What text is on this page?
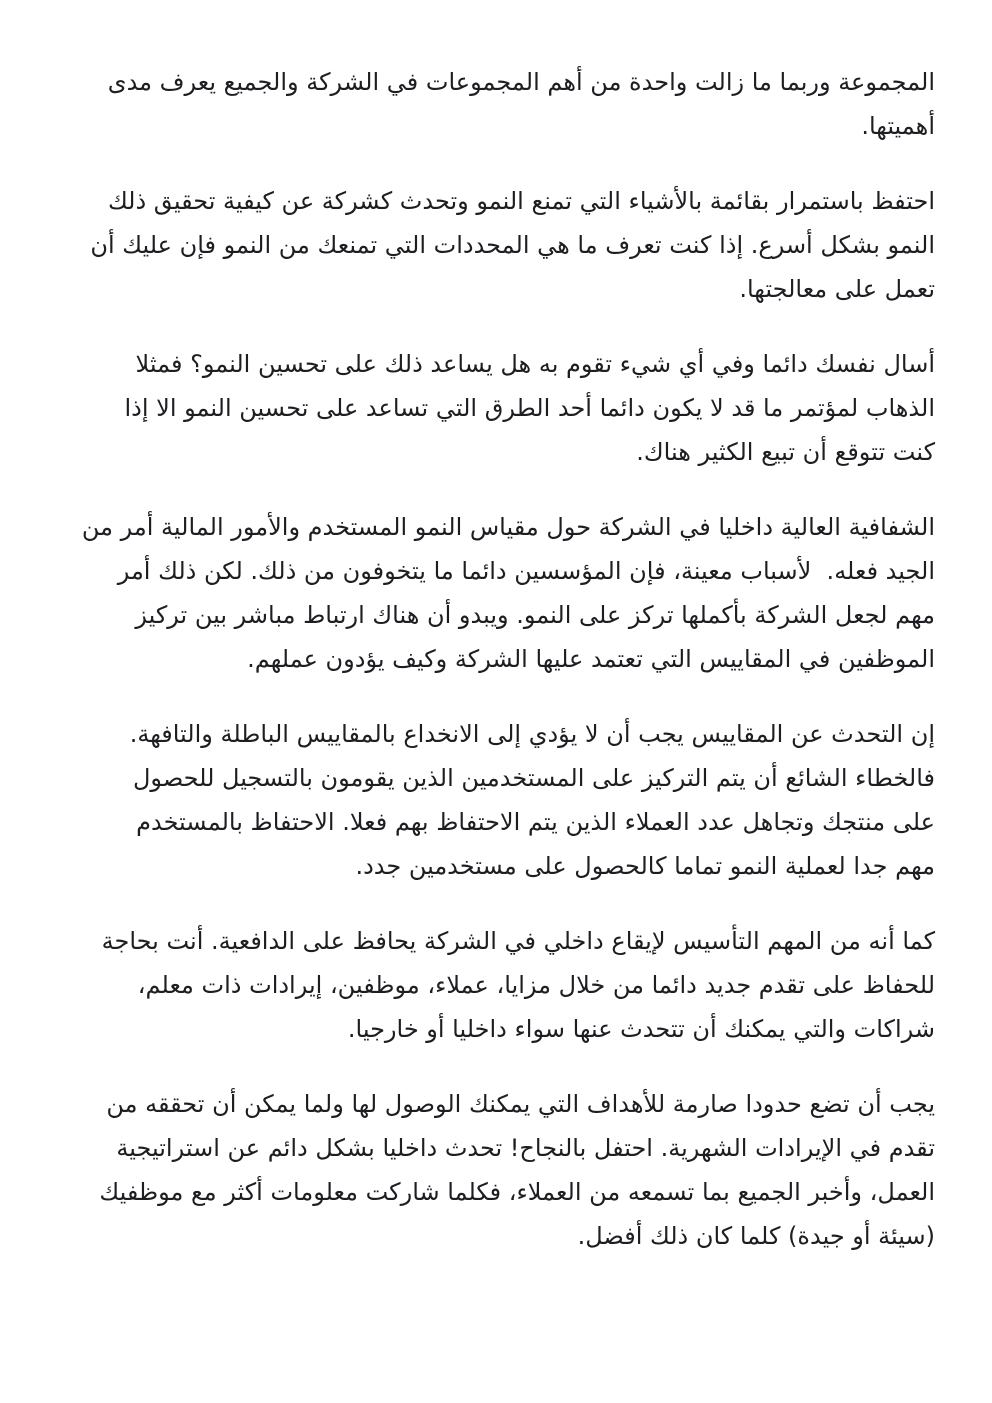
المجموعة وربما ما زالت واحدة من أهم المجموعات في الشركة والجميع يعرف مدى
أهميتها.

احتفظ باستمرار بقائمة بالأشياء التي تمنع النمو وتحدث كشركة عن كيفية تحقيق ذلك
النمو بشكل أسرع. إذا كنت تعرف ما هي المحددات التي تمنعك من النمو فإن عليك أن
تعمل على معالجتها.

أسال نفسك دائما وفي أي شيء تقوم به هل يساعد ذلك على تحسين النمو؟ فمثلا
الذهاب لمؤتمر ما قد لا يكون دائما أحد الطرق التي تساعد على تحسين النمو الا إذا
كنت تتوقع أن تبيع الكثير هناك.

الشفافية العالية داخليا في الشركة حول مقياس النمو المستخدم والأمور المالية أمر من
الجيد فعله.  لأسباب معينة، فإن المؤسسين دائما ما يتخوفون من ذلك. لكن ذلك أمر
مهم لجعل الشركة بأكملها تركز على النمو. ويبدو أن هناك ارتباط مباشر بين تركيز
الموظفين في المقاييس التي تعتمد عليها الشركة وكيف يؤدون عملهم.

إن التحدث عن المقاييس يجب أن لا يؤدي إلى الانخداع بالمقاييس الباطلة والتافهة.
فالخطاء الشائع أن يتم التركيز على المستخدمين الذين يقومون بالتسجيل للحصول
على منتجك وتجاهل عدد العملاء الذين يتم الاحتفاظ بهم فعلا. الاحتفاظ بالمستخدم
مهم جدا لعملية النمو تماما كالحصول على مستخدمين جدد.

كما أنه من المهم التأسيس لإيقاع داخلي في الشركة يحافظ على الدافعية. أنت بحاجة
للحفاظ على تقدم جديد دائما من خلال مزايا، عملاء، موظفين، إيرادات ذات معلم،
شراكات والتي يمكنك أن تتحدث عنها سواء داخليا أو خارجيا.

يجب أن تضع حدودا صارمة للأهداف التي يمكنك الوصول لها ولما يمكن أن تحققه من
تقدم في الإيرادات الشهرية. احتفل بالنجاح! تحدث داخليا بشكل دائم عن استراتيجية
العمل، وأخبر الجميع بما تسمعه من العملاء، فكلما شاركت معلومات أكثر مع موظفيك
(سيئة أو جيدة) كلما كان ذلك أفضل.
